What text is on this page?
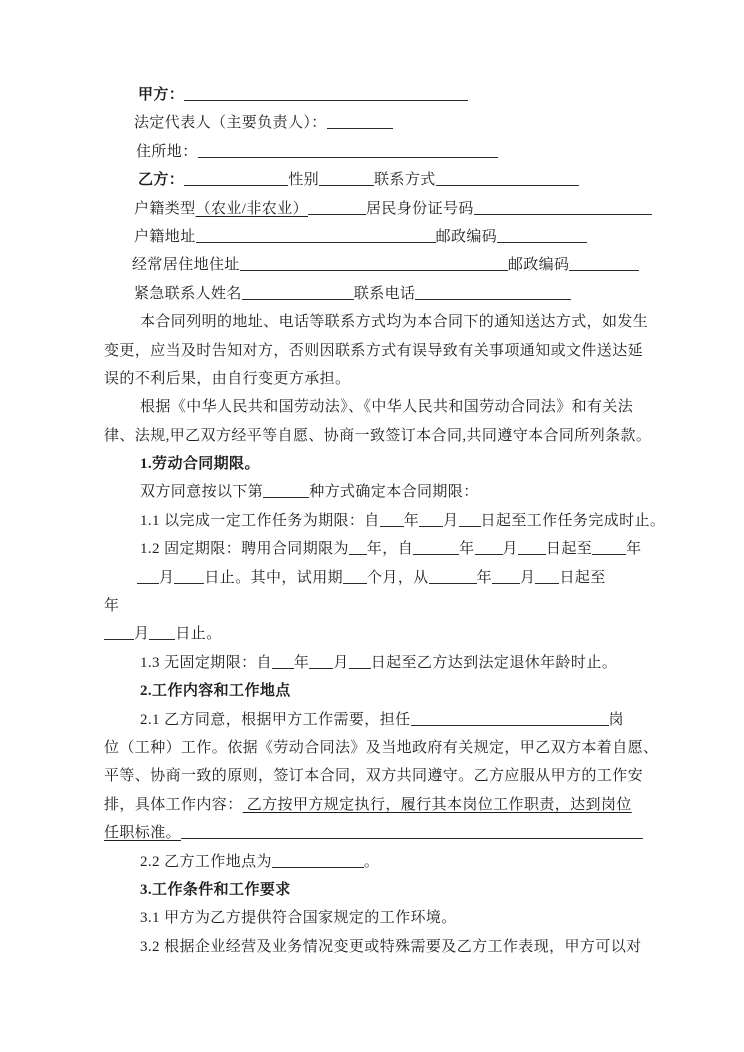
甲方：
法定代表人（主要负责人）：
住所地：
乙方：	性别	联系方式
户籍类型（农业/非农业）	居民身份证号码
户籍地址	邮政编码
经常居住地住址	邮政编码
紧急联系人姓名	联系电话
本合同列明的地址、电话等联系方式均为本合同下的通知送达方式，如发生
变更，应当及时告知对方，否则因联系方式有误导致有关事项通知或文件送达延
误的不利后果，由自行变更方承担。
根据《中华人民共和国劳动法》、《中华人民共和国劳动合同法》和有关法
律、法规,甲乙双方经平等自愿、协商一致签订本合同,共同遵守本合同所列条款。
1.劳动合同期限。
双方同意按以下第	种方式确定本合同期限：
1.1 以完成一定工作任务为期限：自 年 月 日起至工作任务完成时止。
1.2 固定期限：聘用合同期限为 年，自	年 月 日起至 年
月 日止。其中，试用期 个月，从	年 月 日起至
年
月 日止。
1.3 无固定期限：自 年 月 日起至乙方达到法定退休年龄时止。
2.工作内容和工作地点
2.1 乙方同意，根据甲方工作需要，担任	岗
位（工种）工作。依据《劳动合同法》及当地政府有关规定，甲乙双方本着自愿、
平等、协商一致的原则，签订本合同，双方共同遵守。乙方应服从甲方的工作安
排，具体工作内容： 乙方按甲方规定执行，履行其本岗位工作职责，达到岗位
任职标准。
2.2 乙方工作地点为	。
3.工作条件和工作要求
3.1 甲方为乙方提供符合国家规定的工作环境。
3.2 根据企业经营及业务情况变更或特殊需要及乙方工作表现，甲方可以对
